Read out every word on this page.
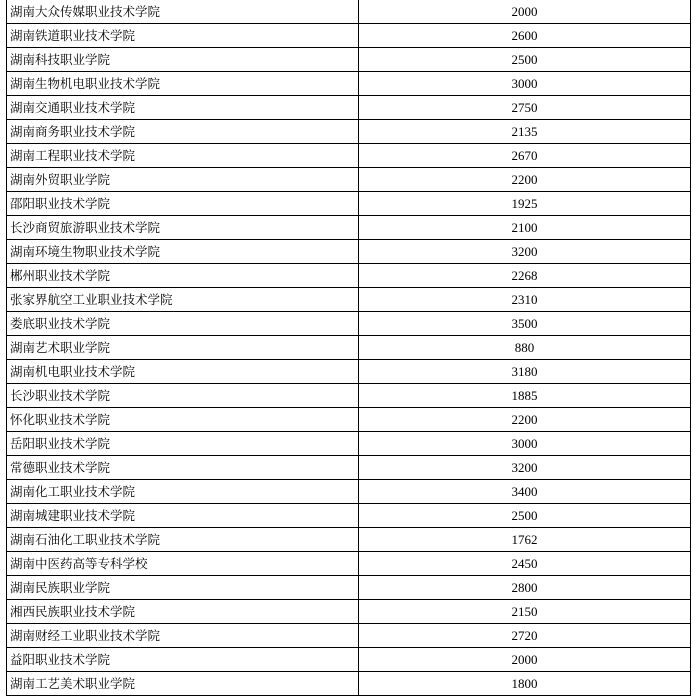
湖南大众传媒职业技术学院	2000
湖南铁道职业技术学院	2600
湖南科技职业学院	2500
湖南生物机电职业技术学院	3000
湖南交通职业技术学院	2750
湖南商务职业技术学院	2135
湖南工程职业技术学院	2670
湖南外贸职业学院	2200
邵阳职业技术学院	1925
长沙商贸旅游职业技术学院	2100
湖南环境生物职业技术学院	3200
郴州职业技术学院	2268
张家界航空工业职业技术学院	2310
娄底职业技术学院	3500
湖南艺术职业学院	880
湖南机电职业技术学院	3180
长沙职业技术学院	1885
怀化职业技术学院	2200
岳阳职业技术学院	3000
常德职业技术学院	3200
湖南化工职业技术学院	3400
湖南城建职业技术学院	2500
湖南石油化工职业技术学院	1762
湖南中医药高等专科学校	2450
湖南民族职业学院	2800
湘西民族职业技术学院	2150
湖南财经工业职业技术学院	2720
益阳职业技术学院	2000
湖南工艺美术职业学院	1800
